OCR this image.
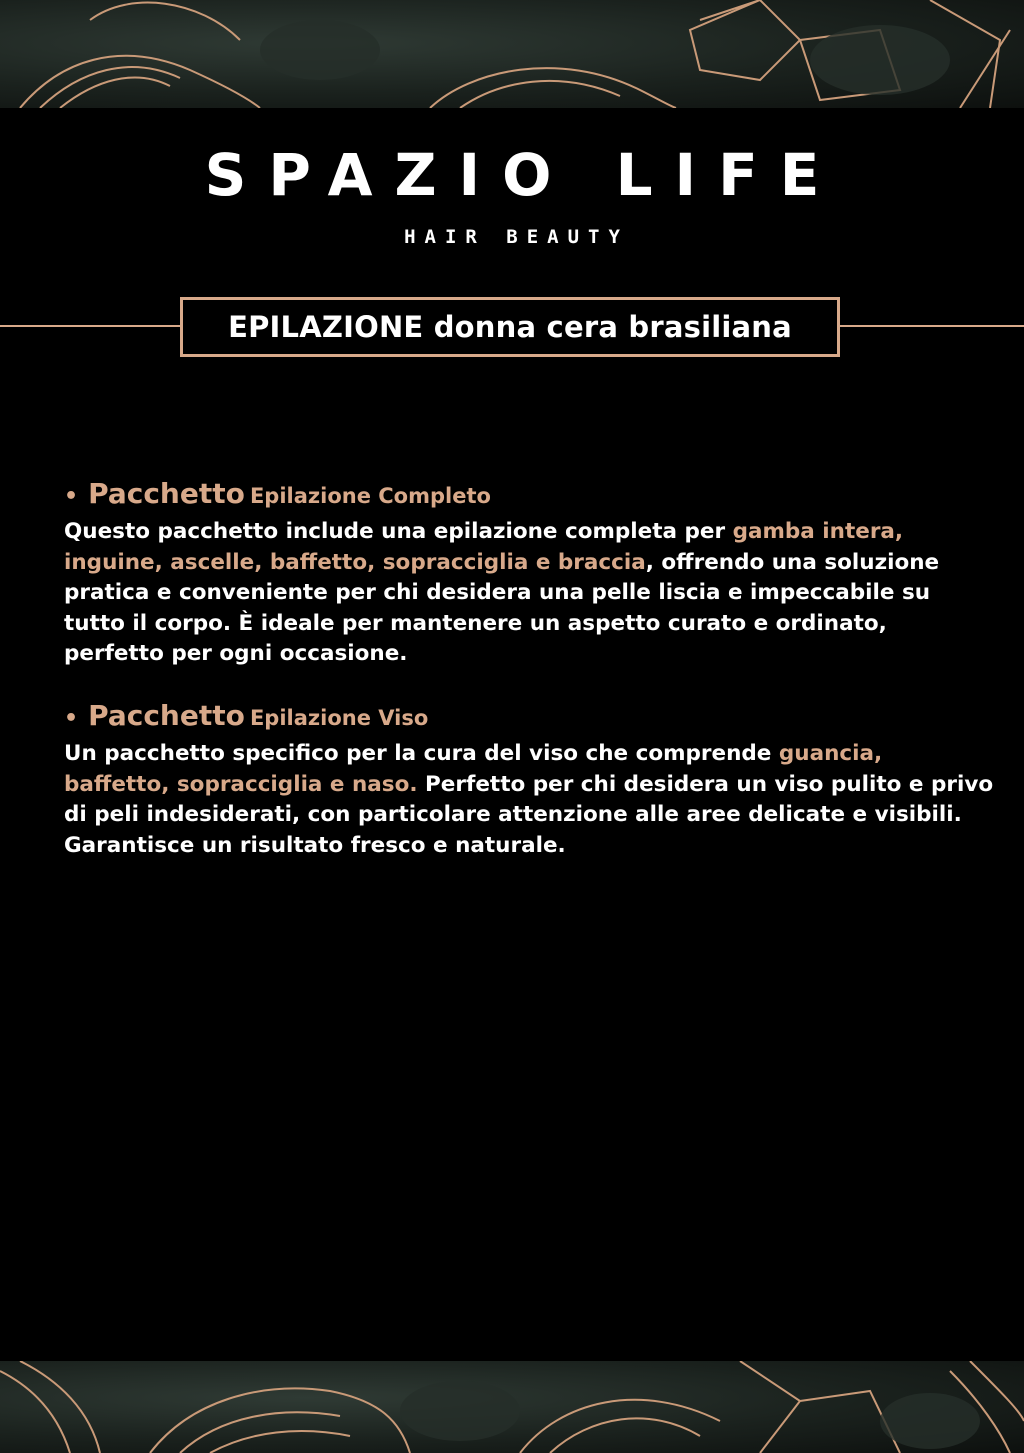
SPAZIO LIFE
HAIR BEAUTY
EPILAZIONE donna cera brasiliana
• Pacchetto Epilazione Completo
Questo pacchetto include una epilazione completa per gamba intera, inguine, ascelle, baffetto, sopracciglia e braccia, offrendo una soluzione pratica e conveniente per chi desidera una pelle liscia e impeccabile su tutto il corpo. È ideale per mantenere un aspetto curato e ordinato, perfetto per ogni occasione.
• Pacchetto Epilazione Viso
Un pacchetto specifico per la cura del viso che comprende guancia, baffetto, sopracciglia e naso. Perfetto per chi desidera un viso pulito e privo di peli indesiderati, con particolare attenzione alle aree delicate e visibili. Garantisce un risultato fresco e naturale.
